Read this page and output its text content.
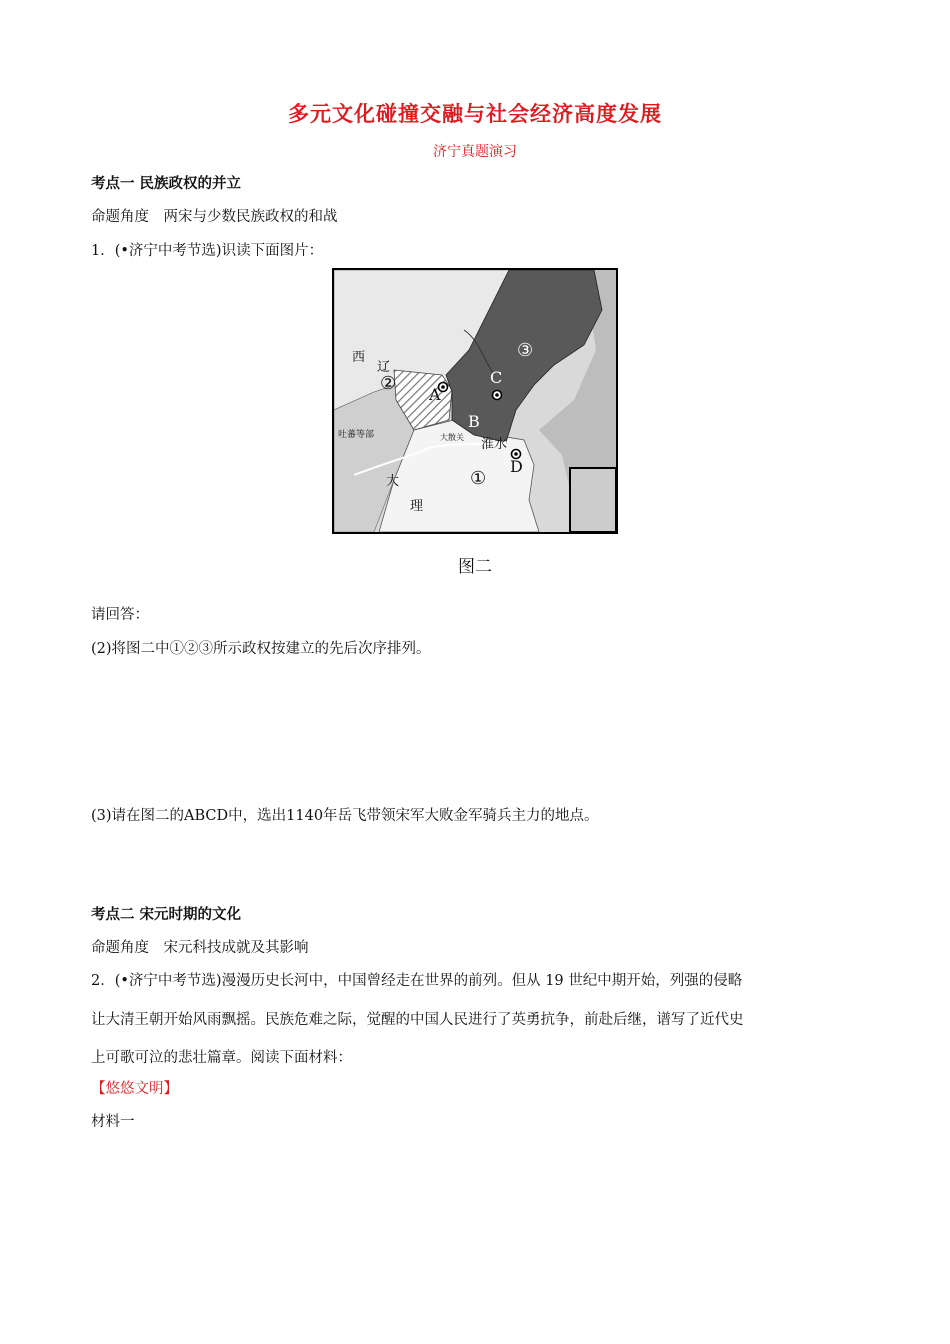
多元文化碰撞交融与社会经济高度发展
济宁真题演习
考点一 民族政权的并立
命题角度　两宋与少数民族政权的和战
1．(•济宁中考节选)识读下面图片：
西
辽
吐蕃等部
大
理
大散关 淮水
①
②
③
A
C
B
D
图二
请回答：
(2)将图二中①②③所示政权按建立的先后次序排列。
(3)请在图二的ABCD中，选出1140年岳飞带领宋军大败金军骑兵主力的地点。
考点二 宋元时期的文化
命题角度　宋元科技成就及其影响
2．(•济宁中考节选)漫漫历史长河中，中国曾经走在世界的前列。但从 19 世纪中期开始，列强的侵略
让大清王朝开始风雨飘摇。民族危难之际，觉醒的中国人民进行了英勇抗争，前赴后继，谱写了近代史
上可歌可泣的悲壮篇章。阅读下面材料：
【悠悠文明】
材料一
